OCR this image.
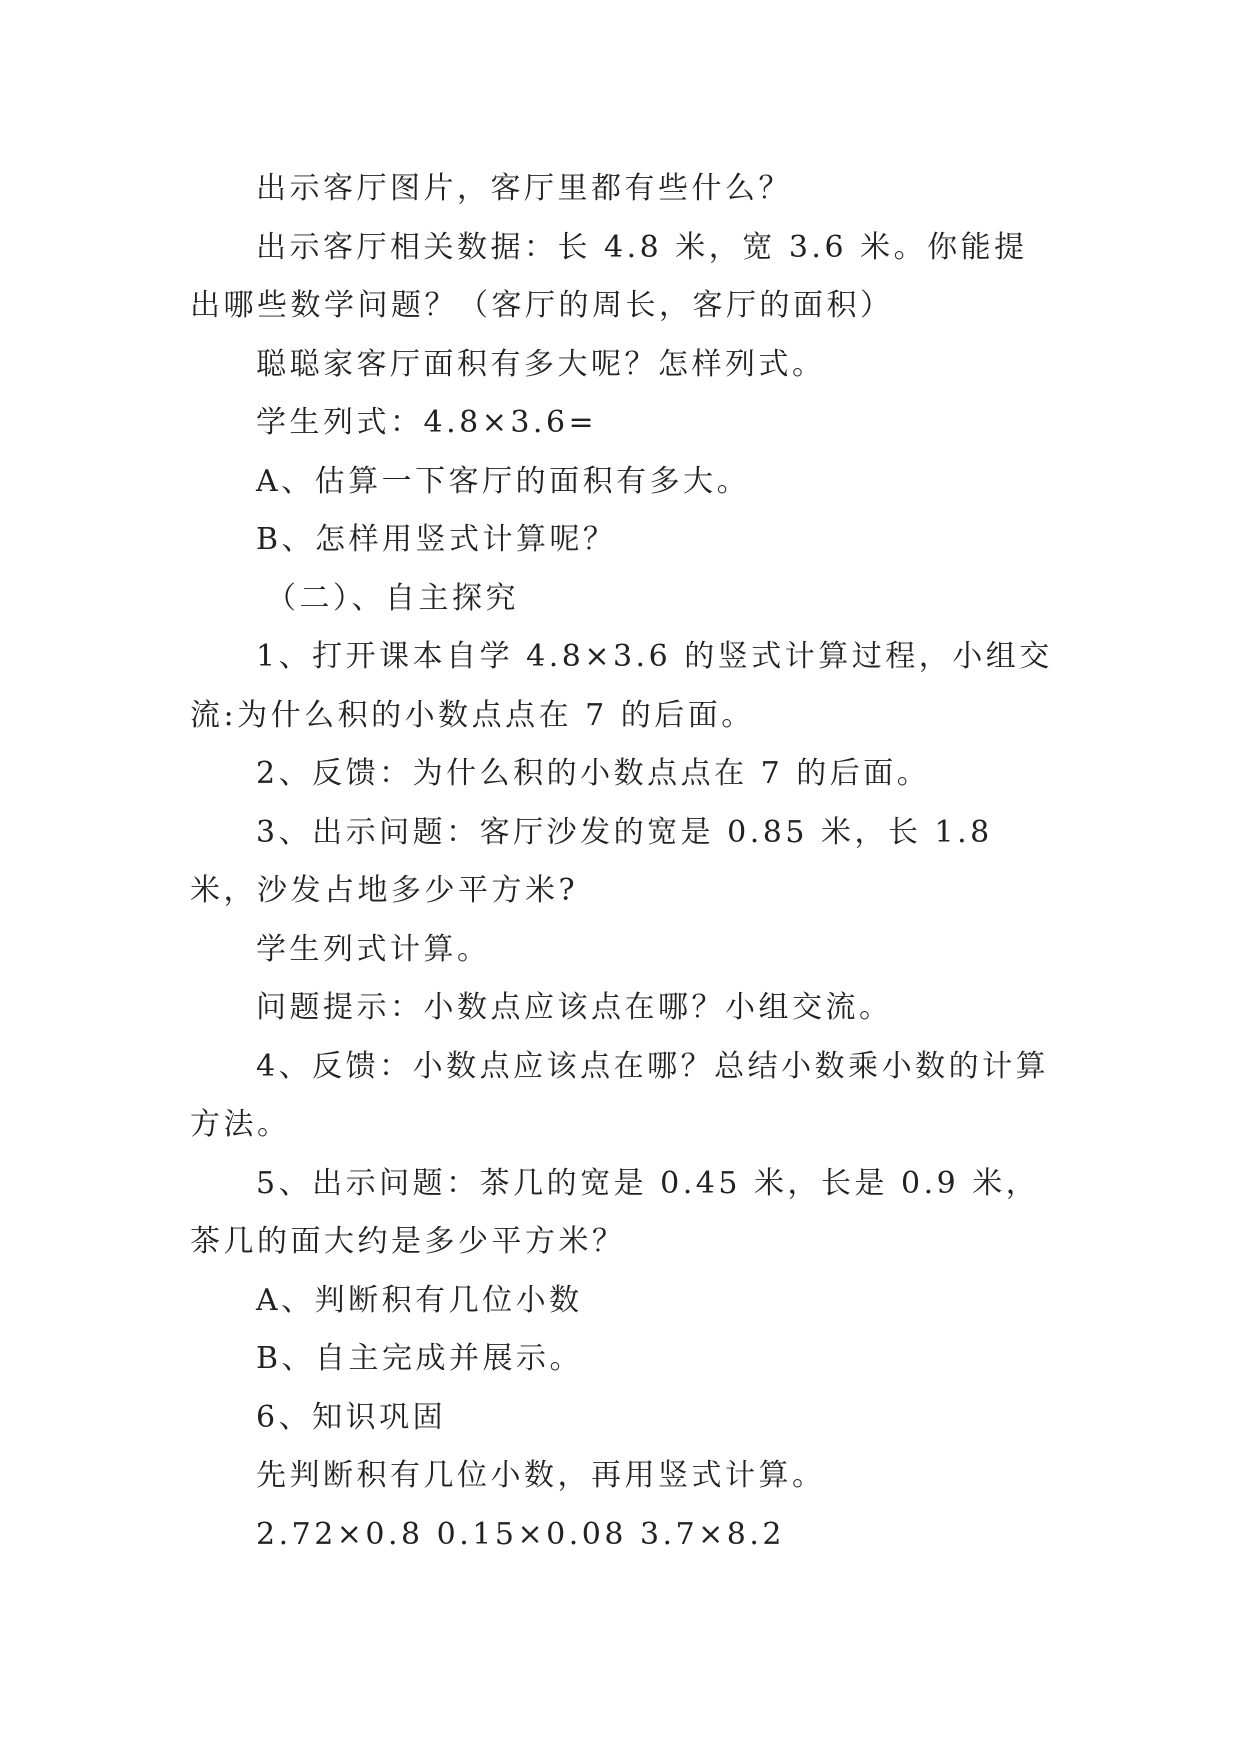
出示客厅图片，客厅里都有些什么？

出示客厅相关数据：长 4.8 米，宽 3.6 米。你能提出哪些数学问题？（客厅的周长，客厅的面积）

聪聪家客厅面积有多大呢？怎样列式。

学生列式：4.8×3.6=

A、估算一下客厅的面积有多大。

B、怎样用竖式计算呢？

（二）、自主探究

1、打开课本自学 4.8×3.6 的竖式计算过程，小组交流:为什么积的小数点点在 7 的后面。

2、反馈：为什么积的小数点点在 7 的后面。

3、出示问题：客厅沙发的宽是 0.85 米，长 1.8 米，沙发占地多少平方米?

学生列式计算。

问题提示：小数点应该点在哪？小组交流。

4、反馈：小数点应该点在哪？总结小数乘小数的计算方法。

5、出示问题：茶几的宽是 0.45 米，长是 0.9 米，茶几的面大约是多少平方米？

A、判断积有几位小数

B、自主完成并展示。

6、知识巩固

先判断积有几位小数，再用竖式计算。

2.72×0.8 0.15×0.08 3.7×8.2
